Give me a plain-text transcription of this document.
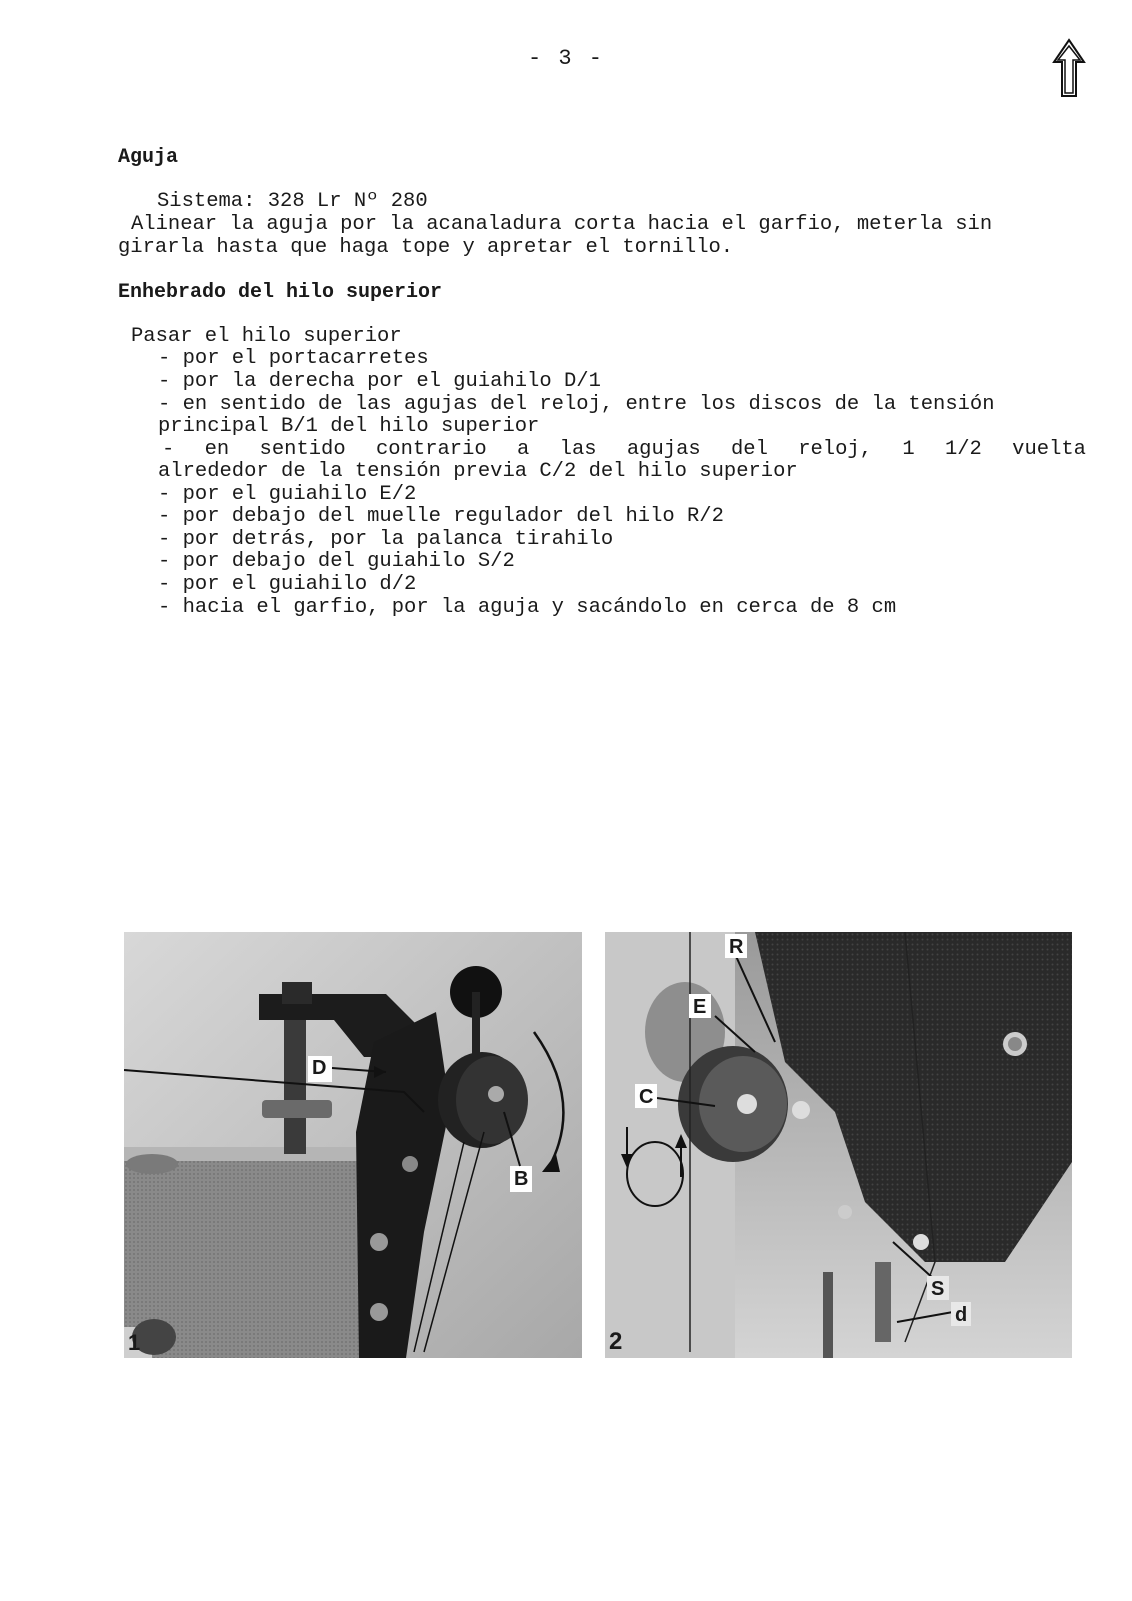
- 3 -
Aguja
Sistema: 328 Lr Nº 280
Alinear la aguja por la acanaladura corta hacia el garfio, meterla sin
girarla hasta que haga tope y apretar el tornillo.
Enhebrado del hilo superior
Pasar el hilo superior
- por el portacarretes
- por la derecha por el guiahilo D/1
- en sentido de las agujas del reloj, entre los discos de la tensión
principal B/1 del hilo superior
- en sentido contrario a las agujas del reloj, 1 1/2 vuelta
alrededor de la tensión previa C/2 del hilo superior
- por el guiahilo E/2
- por debajo del muelle regulador del hilo R/2
- por detrás, por la palanca tirahilo
- por debajo del guiahilo S/2
- por el guiahilo d/2
- hacia el garfio, por la aguja y sacándolo en cerca de 8 cm
D
B
1
R
E
C
S
d
2
